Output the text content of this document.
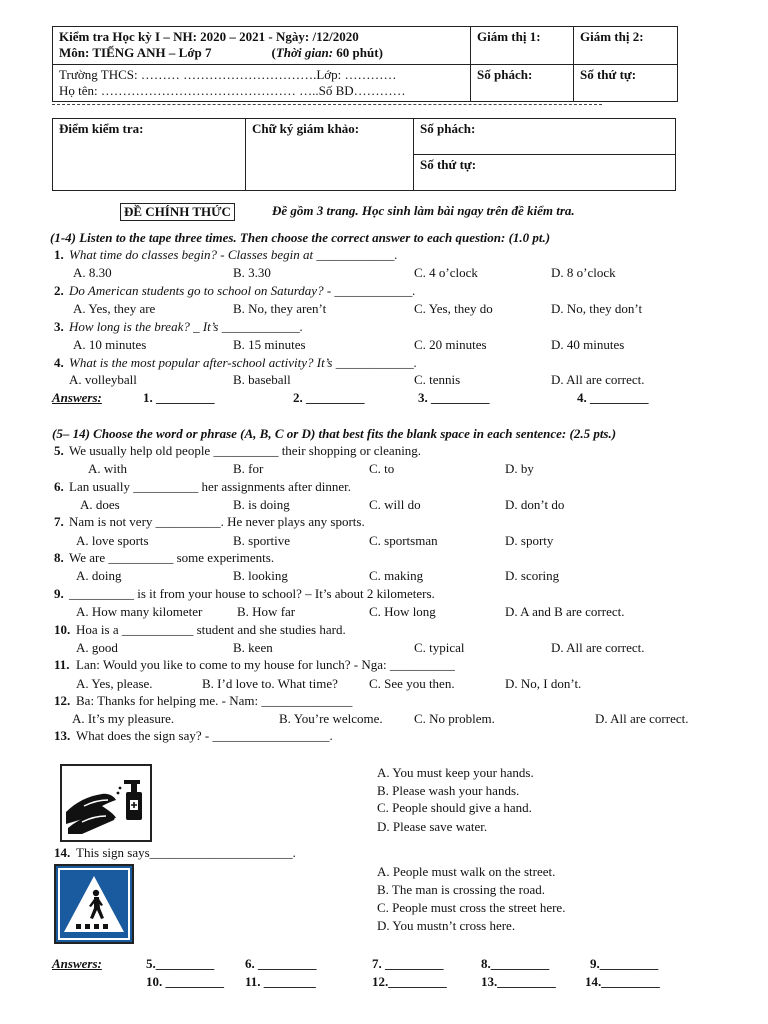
Kiểm tra Học kỳ I – NH: 2020 – 2021 - Ngày: /12/2020
Môn: TIẾNG ANH – Lớp 7 (Thời gian: 60 phút)	Giám thị 1:	Giám thị 2:

Trường THCS: ……… ………………………….Lớp: …………
Họ tên: ……………………………………… …..Số BD…………	Số phách:	Số thứ tự:
Điểm kiểm tra:	Chữ ký giám khảo:	Số phách:
Số thứ tự:
ĐỀ CHÍNH THỨC	Đề gồm 3 trang. Học sinh làm bài ngay trên đề kiểm tra.
(1-4) Listen to the tape three times. Then choose the correct answer to each question: (1.0 pt.)
1. What time do classes begin? - Classes begin at ____________.
A. 8.30	B. 3.30	C. 4 o’clock	D. 8 o’clock
2. Do American students go to school on Saturday? - ____________.
A. Yes, they are	B. No, they aren’t	C. Yes, they do	D. No, they don’t
3. How long is the break? _ It’s ____________.
A. 10 minutes	B. 15 minutes	C. 20 minutes	D. 40 minutes
4. What is the most popular after-school activity? It’s ____________.
A. volleyball	B. baseball	C. tennis	D. All are correct.
Answers:	1. _________	2. _________	3. _________	4. _________
(5– 14) Choose the word or phrase (A, B, C or D) that best fits the blank space in each sentence: (2.5 pts.)
5. We usually help old people __________ their shopping or cleaning.
A. with	B. for	C. to	D. by
6. Lan usually __________ her assignments after dinner.
A. does	B. is doing	C. will do	D. don’t do
7. Nam is not very __________. He never plays any sports.
A. love sports	B. sportive	C. sportsman	D. sporty
8. We are __________ some experiments.
A. doing	B. looking	C. making	D. scoring
9. __________ is it from your house to school? – It’s about 2 kilometers.
A. How many kilometer	B. How far	C. How long	D. A and B are correct.
10. Hoa is a ___________ student and she studies hard.
A. good	B. keen	C. typical	D. All are correct.
11. Lan: Would you like to come to my house for lunch? - Nga: __________
A. Yes, please.	B. I’d love to. What time? C. See you then.	D. No, I don’t.
12. Ba: Thanks for helping me. - Nam: ______________
A. It’s my pleasure.	B. You’re welcome. C. No problem.	D. All are correct.
13. What does the sign say? - __________________.
A. You must keep your hands.
B. Please wash your hands.
C. People should give a hand.
D. Please save water.
14. This sign says______________________.
A. People must walk on the street.
B. The man is crossing the road.
C. People must cross the street here.
D. You mustn’t cross here.
Answers:	5._________ 6. _________	7. _________	8._________	9._________
10. _________ 11. ________	12._________	13._________ 14._________
